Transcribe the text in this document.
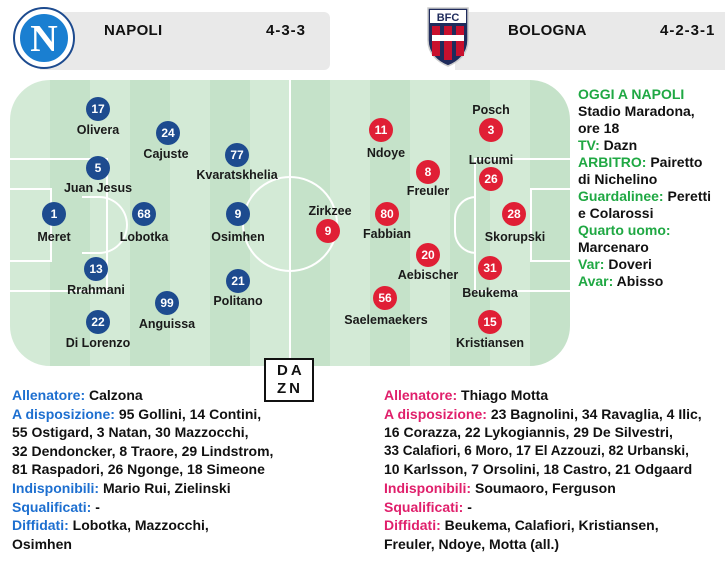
N	NAPOLI	4-3-3
BFC
BOLOGNA	4-2-3-1
17
Olivera
5
Juan Jesus
1
Meret
13
Rrahmani
22
Di Lorenzo
24
Cajuste
68
Lobotka
99
Anguissa
77
Kvaratskhelia
9
Osimhen
21
Politano
Posch
3
Lucumi
26
28
Skorupski
31
Beukema
15
Kristiansen
11
Ndoye
8
Freuler
80
Fabbian
20
Aebischer
56
Saelemaekers
Zirkzee
9
DA
ZN
OGGI A NAPOLI
Stadio Maradona,
ore 18
TV: Dazn
ARBITRO: Pairetto
di Nichelino
Guardalinee: Peretti
e Colarossi
Quarto uomo:
Marcenaro
Var: Doveri
Avar: Abisso
Allenatore: Calzona
A disposizione: 95 Gollini, 14 Contini,
55 Ostigard, 3 Natan, 30 Mazzocchi,
32 Dendoncker, 8 Traore, 29 Lindstrom,
81 Raspadori, 26 Ngonge, 18 Simeone
Indisponibili: Mario Rui, Zielinski
Squalificati: -
Diffidati: Lobotka, Mazzocchi,
Osimhen
Allenatore: Thiago Motta
A disposizione: 23 Bagnolini, 34 Ravaglia, 4 Ilic,
16 Corazza, 22 Lykogiannis, 29 De Silvestri,
33 Calafiori, 6 Moro, 17 El Azzouzi, 82 Urbanski,
10 Karlsson, 7 Orsolini, 18 Castro, 21 Odgaard
Indisponibili: Soumaoro, Ferguson
Squalificati: -
Diffidati: Beukema, Calafiori, Kristiansen,
Freuler, Ndoye, Motta (all.)
